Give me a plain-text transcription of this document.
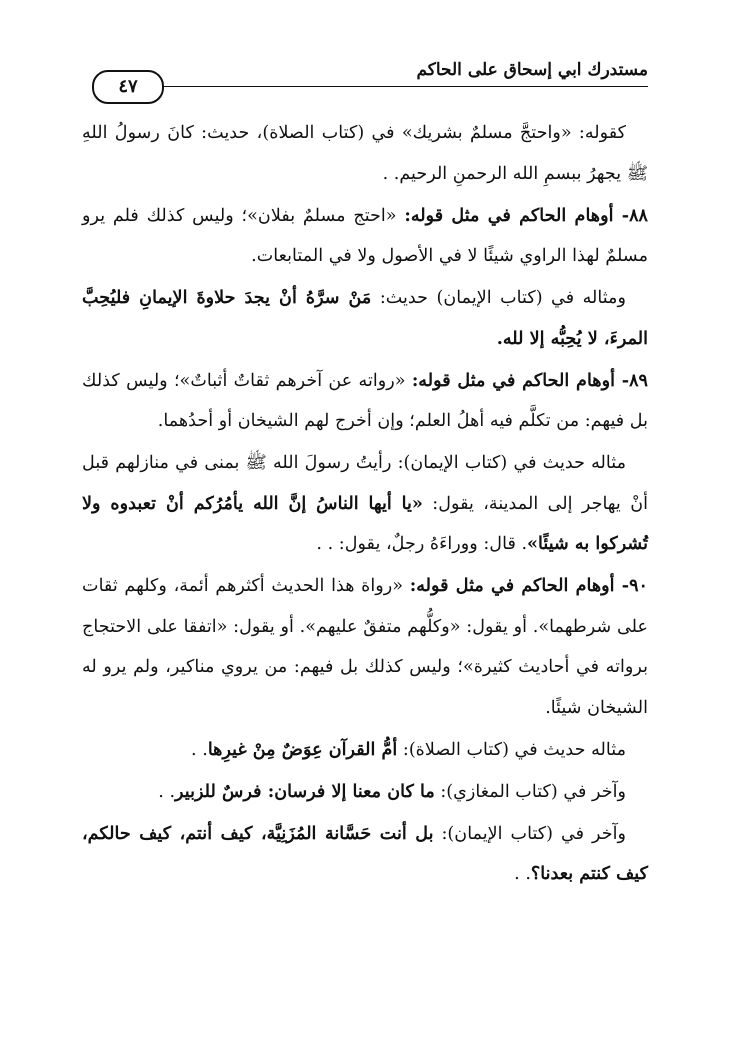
مستدرك ابي إسحاق على الحاكم
٤٧

كقوله: «واحتجَّ مسلمٌ بشريك» في (كتاب الصلاة)، حديث: كانَ رسولُ اللهِ ﷺ يجهرُ ببسمِ الله الرحمنِ الرحيم. .

٨٨- أوهام الحاكم في مثل قوله: «احتج مسلمٌ بفلان»؛ وليس كذلك فلم يرو مسلمٌ لهذا الراوي شيئًا لا في الأصول ولا في المتابعات.

ومثاله في (كتاب الإيمان) حديث: مَنْ سرَّهُ أنْ يجدَ حلاوةَ الإيمانِ فليُحِبَّ المرءَ، لا يُحِبُّه إلا لله.

٨٩- أوهام الحاكم في مثل قوله: «رواته عن آخرهم ثقاتٌ أثباتٌ»؛ وليس كذلك بل فيهم: من تكلَّم فيه أهلُ العلم؛ وإن أخرج لهم الشيخان أو أحدُهما.

مثاله حديث في (كتاب الإيمان): رأيتُ رسولَ الله ﷺ بمنى في منازلهم قبل أنْ يهاجر إلى المدينة، يقول: «يا أيها الناسُ إنَّ الله يأمُرُكم أنْ تعبدوه ولا تُشركوا به شيئًا». قال: ووراءَهُ رجلٌ، يقول: . .

٩٠- أوهام الحاكم في مثل قوله: «رواة هذا الحديث أكثرهم أئمة، وكلهم ثقات على شرطهما». أو يقول: «وكلُّهم متفقٌ عليهم». أو يقول: «اتفقا على الاحتجاج برواته في أحاديث كثيرة»؛ وليس كذلك بل فيهم: من يروي مناكير، ولم يرو له الشيخان شيئًا.

مثاله حديث في (كتاب الصلاة): أمُّ القرآن عِوَضٌ مِنْ غيرِها. .

وآخر في (كتاب المغازي): ما كان معنا إلا فرسان: فرسٌ للزبير. .

وآخر في (كتاب الإيمان): بل أنت حَسَّانة المُزَنِيَّة، كيف أنتم، كيف حالكم، كيف كنتم بعدنا؟. .
